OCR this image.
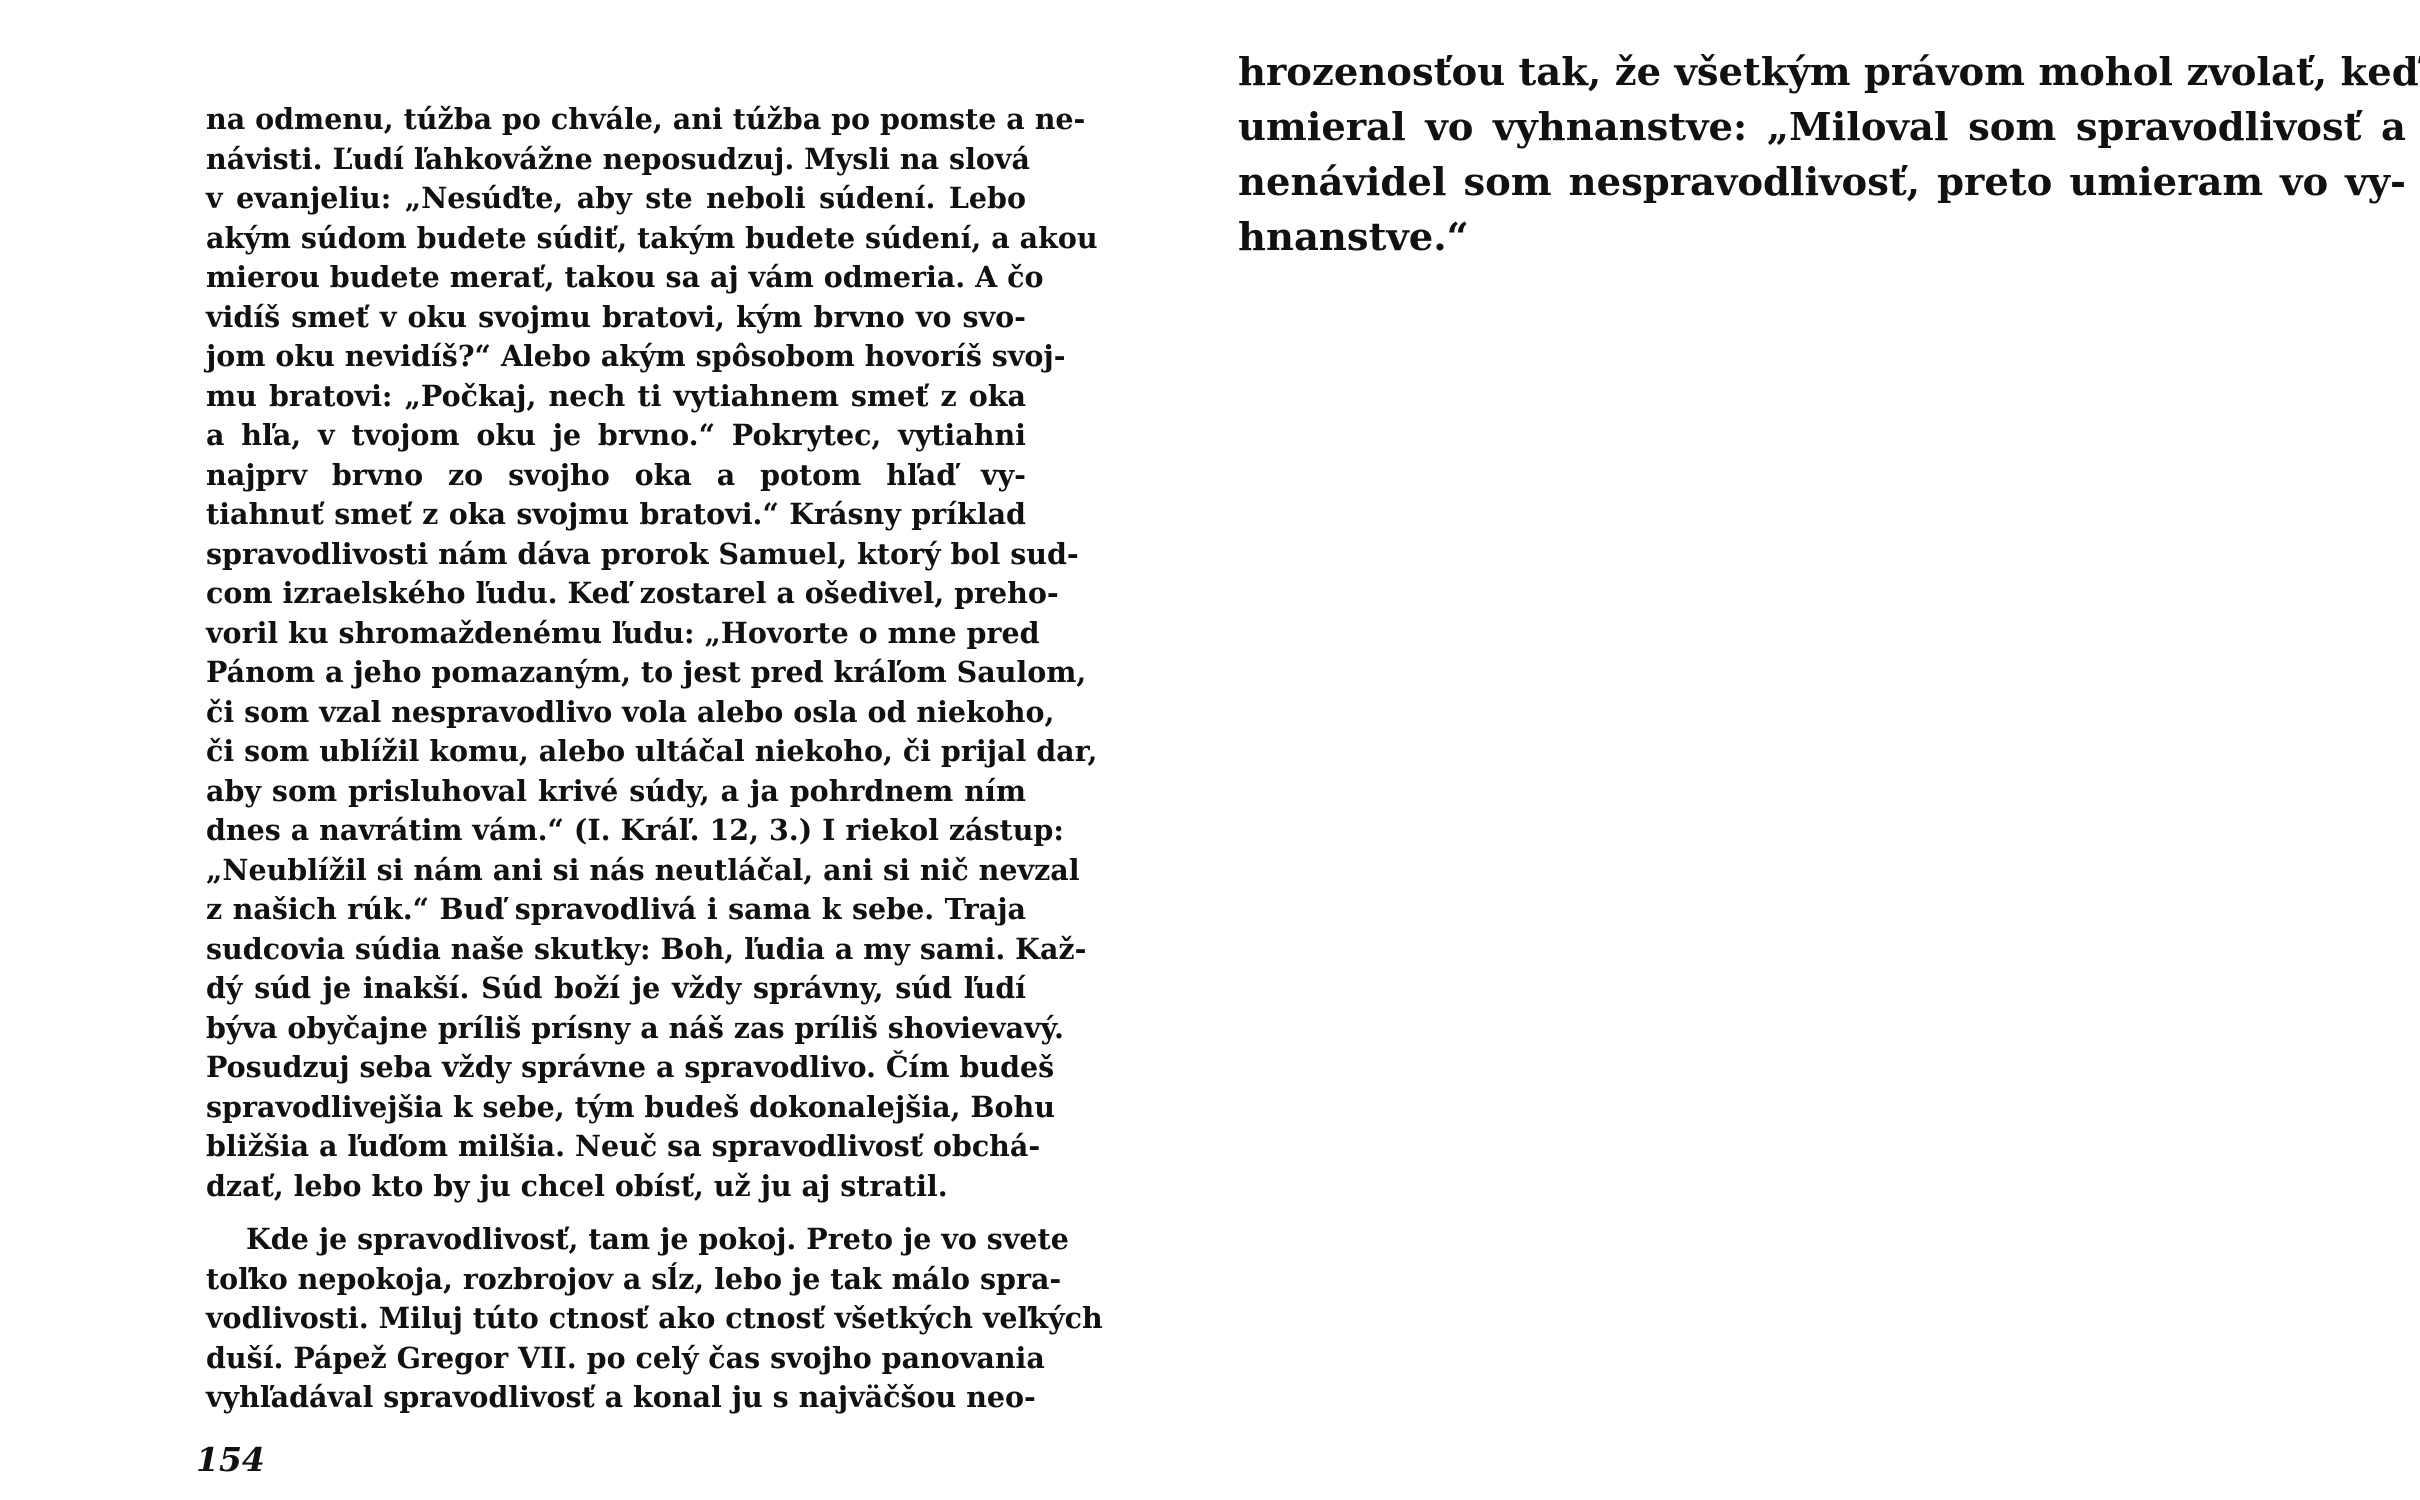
na odmenu, túžba po chvále, ani túžba po pomste a ne-
návisti. Ľudí ľahkovážne neposudzuj. Mysli na slová
v evanjeliu: „Nesúďte, aby ste neboli súdení. Lebo
akým súdom budete súdiť, takým budete súdení, a akou
mierou budete merať, takou sa aj vám odmeria. A čo
vidíš smeť v oku svojmu bratovi, kým brvno vo svo-
jom oku nevidíš?“ Alebo akým spôsobom hovoríš svoj-
mu bratovi: „Počkaj, nech ti vytiahnem smeť z oka
a hľa, v tvojom oku je brvno.“ Pokrytec, vytiahni
najprv brvno zo svojho oka a potom hľaď vy-
tiahnuť smeť z oka svojmu bratovi.“ Krásny príklad
spravodlivosti nám dáva prorok Samuel, ktorý bol sud-
com izraelského ľudu. Keď zostarel a ošedivel, preho-
voril ku shromaždenému ľudu: „Hovorte o mne pred
Pánom a jeho pomazaným, to jest pred kráľom Saulom,
či som vzal nespravodlivo vola alebo osla od niekoho,
či som ublížil komu, alebo ultáčal niekoho, či prijal dar,
aby som prisluhoval krivé súdy, a ja pohrdnem ním
dnes a navrátim vám.“ (I. Kráľ. 12, 3.) I riekol zástup:
„Neublížil si nám ani si nás neutláčal, ani si nič nevzal
z našich rúk.“ Buď spravodlivá i sama k sebe. Traja
sudcovia súdia naše skutky: Boh, ľudia a my sami. Kaž-
dý súd je inakší. Súd boží je vždy správny, súd ľudí
býva obyčajne príliš prísny a náš zas príliš shovievavý.
Posudzuj seba vždy správne a spravodlivo. Čím budeš
spravodlivejšia k sebe, tým budeš dokonalejšia, Bohu
bližšia a ľuďom milšia. Neuč sa spravodlivosť obchá-
dzať, lebo kto by ju chcel obísť, už ju aj stratil.
Kde je spravodlivosť, tam je pokoj. Preto je vo svete
toľko nepokoja, rozbrojov a sĺz, lebo je tak málo spra-
vodlivosti. Miluj túto ctnosť ako ctnosť všetkých veľkých
duší. Pápež Gregor VII. po celý čas svojho panovania
vyhľadával spravodlivosť a konal ju s najväčšou neo-
154
hrozenosťou tak, že všetkým právom mohol zvolať, keď
umieral vo vyhnanstve: „Miloval som spravodlivosť a
nenávidel som nespravodlivosť, preto umieram vo vy-
hnanstve.“
